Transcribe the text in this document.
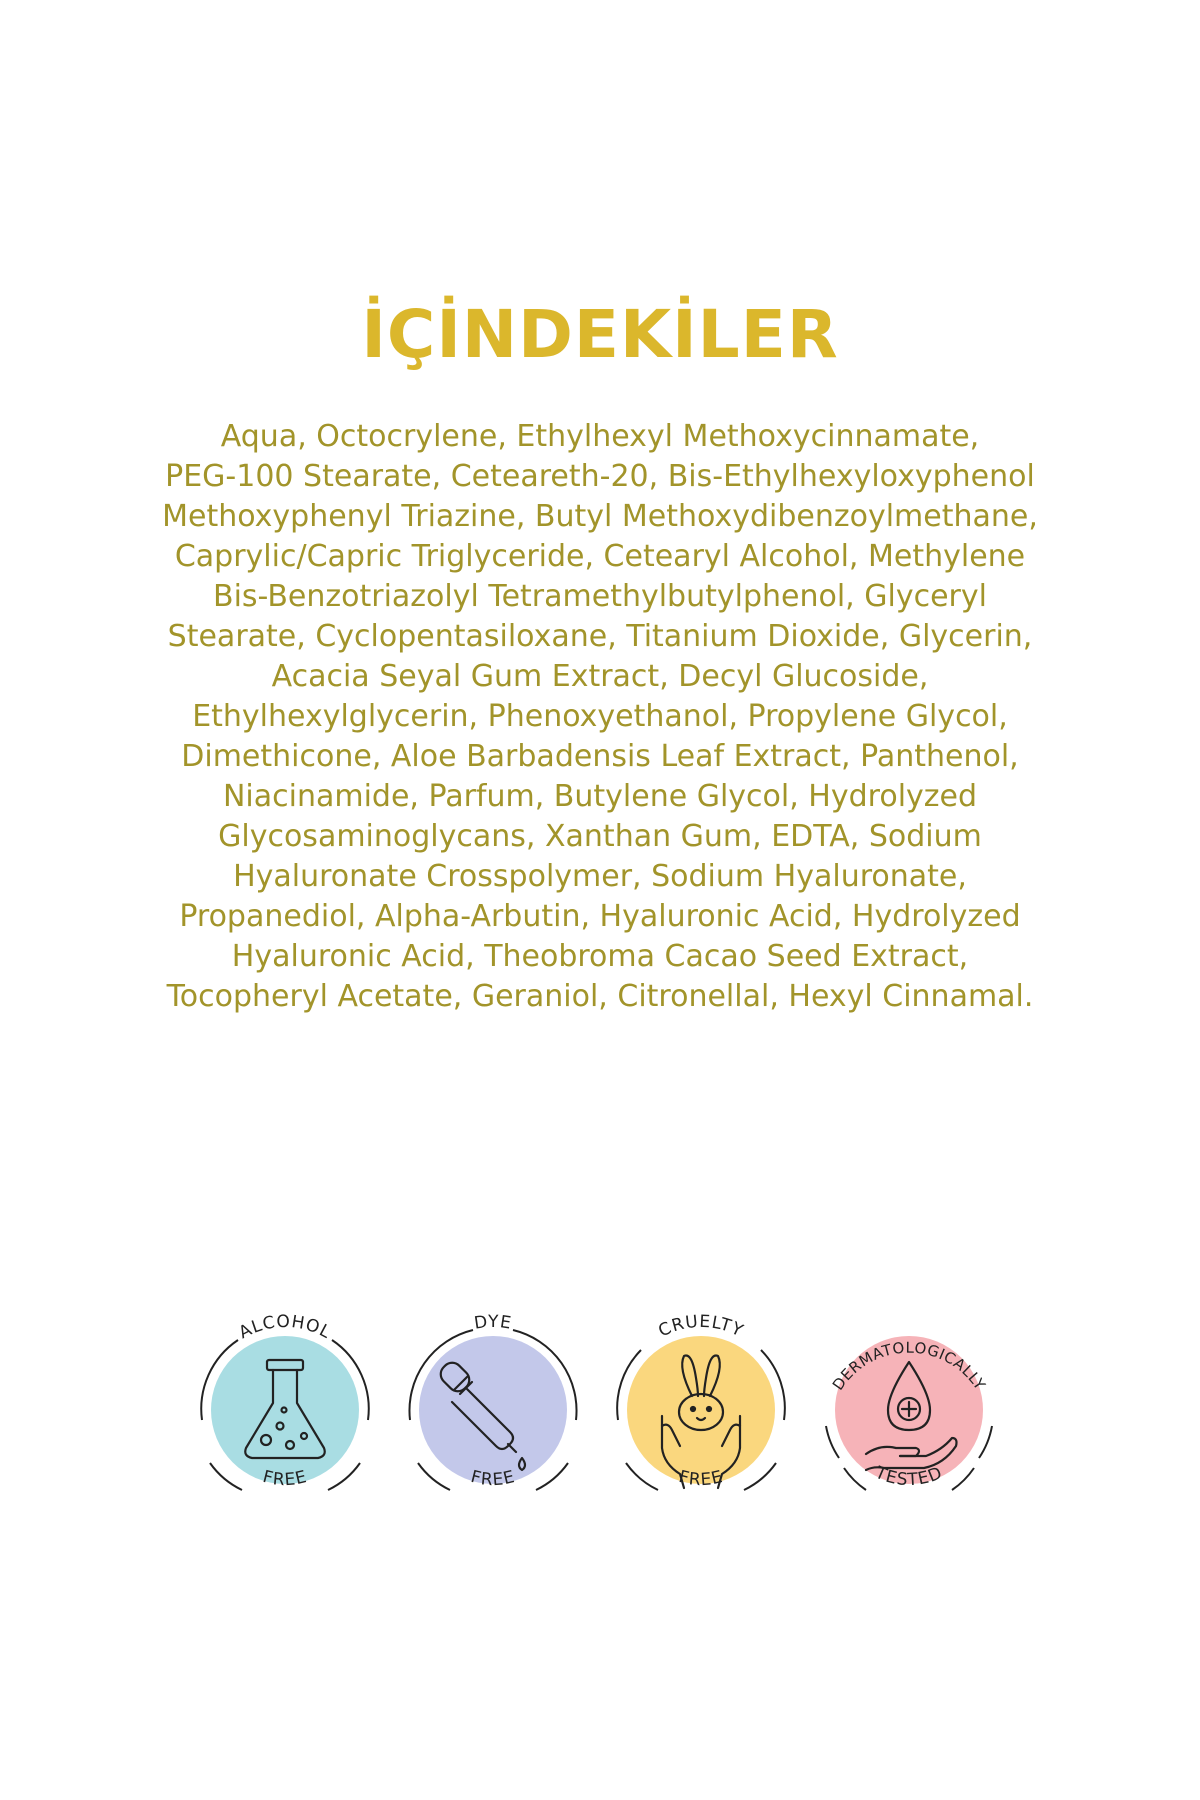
İÇİNDEKİLER
Aqua, Octocrylene, Ethylhexyl Methoxycinnamate,
PEG-100 Stearate, Ceteareth-20, Bis-Ethylhexyloxyphenol
Methoxyphenyl Triazine, Butyl Methoxydibenzoylmethane,
Caprylic/Capric Triglyceride, Cetearyl Alcohol, Methylene
Bis-Benzotriazolyl Tetramethylbutylphenol, Glyceryl
Stearate, Cyclopentasiloxane, Titanium Dioxide, Glycerin,
Acacia Seyal Gum Extract, Decyl Glucoside,
Ethylhexylglycerin, Phenoxyethanol, Propylene Glycol,
Dimethicone, Aloe Barbadensis Leaf Extract, Panthenol,
Niacinamide, Parfum, Butylene Glycol, Hydrolyzed
Glycosaminoglycans, Xanthan Gum, EDTA, Sodium
Hyaluronate Crosspolymer, Sodium Hyaluronate,
Propanediol, Alpha-Arbutin, Hyaluronic Acid, Hydrolyzed
Hyaluronic Acid, Theobroma Cacao Seed Extract,
Tocopheryl Acetate, Geraniol, Citronellal, Hexyl Cinnamal.
ALCOHOL
FREE
DYE
FREE
CRUELTY
FREE
DERMATOLOGICALLY
TESTED
